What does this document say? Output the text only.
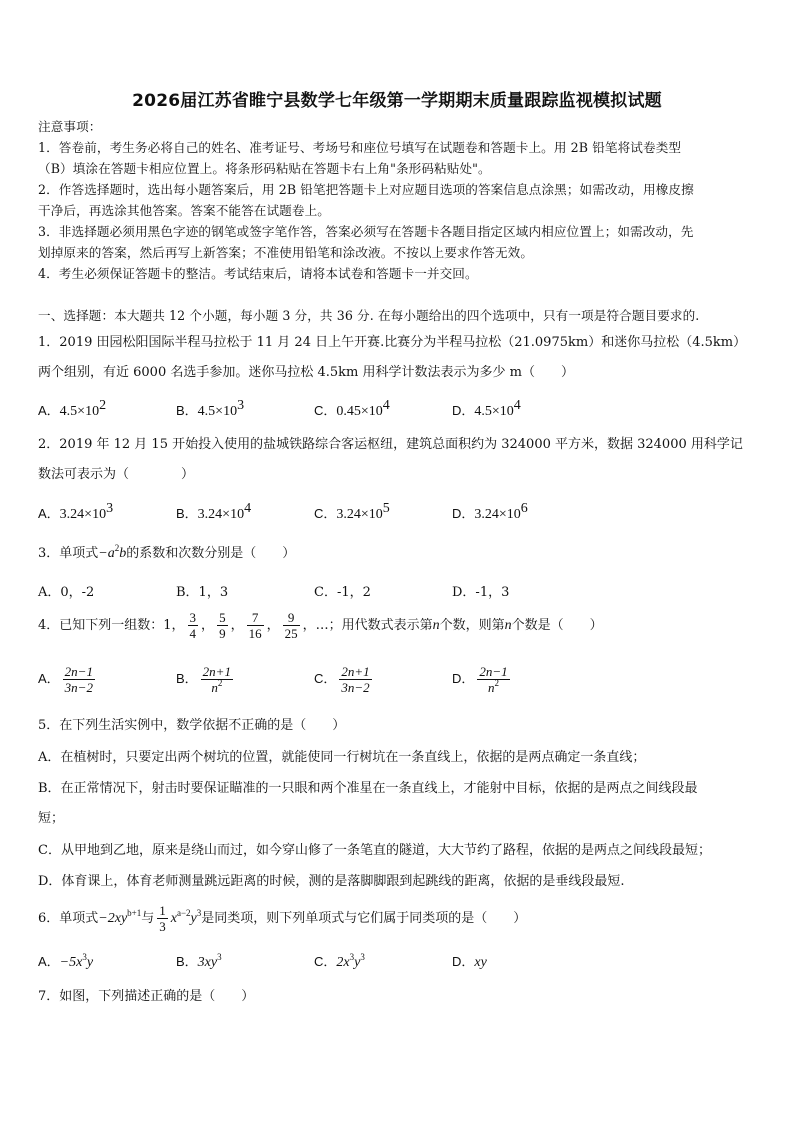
2026届江苏省睢宁县数学七年级第一学期期末质量跟踪监视模拟试题
注意事项：
1．答卷前，考生务必将自己的姓名、准考证号、考场号和座位号填写在试题卷和答题卡上。用 2B 铅笔将试卷类型
（B）填涂在答题卡相应位置上。将条形码粘贴在答题卡右上角"条形码粘贴处"。
2．作答选择题时，选出每小题答案后，用 2B 铅笔把答题卡上对应题目选项的答案信息点涂黑；如需改动，用橡皮擦
干净后，再选涂其他答案。答案不能答在试题卷上。
3．非选择题必须用黑色字迹的钢笔或签字笔作答，答案必须写在答题卡各题目指定区域内相应位置上；如需改动，先
划掉原来的答案，然后再写上新答案；不准使用铅笔和涂改液。不按以上要求作答无效。
4．考生必须保证答题卡的整洁。考试结束后，请将本试卷和答题卡一并交回。
一、选择题：本大题共 12 个小题，每小题 3 分，共 36 分. 在每小题给出的四个选项中，只有一项是符合题目要求的.
1．2019 田园松阳国际半程马拉松于 11 月 24 日上午开赛.比赛分为半程马拉松（21.0975km）和迷你马拉松（4.5km）
两个组别，有近 6000 名选手参加。迷你马拉松 4.5km 用科学计数法表示为多少 m（　　）
A．$4.5\times 10^2$	B．$4.5\times 10^3$	C．$0.45\times 10^4$	D．$4.5\times 10^4$
2．2019 年 12 月 15 开始投入使用的盐城铁路综合客运枢纽，建筑总面积约为 324000 平方米，数据 324000 用科学记
数法可表示为（　　　　）
A．$3.24\times 10^3$	B．$3.24\times 10^4$	C．$3.24\times 10^5$	D．$3.24\times 10^6$
3．单项式$-a^2b$的系数和次数分别是（　　）
A．0，-2	B．1，3	C．-1，2	D．-1，3
4．已知下列一组数：1， $\frac{3}{4}$ ， $\frac{5}{9}$ ， $\frac{7}{16}$ ， $\frac{9}{25}$ ，…；用代数式表示第n个数，则第n个数是（　　）
A． $\frac{2n-1}{3n-2}$	B． $\frac{2n+1}{n^2}$	C． $\frac{2n+1}{3n-2}$	D． $\frac{2n-1}{n^2}$
5．在下列生活实例中，数学依据不正确的是（　　）
A．在植树时，只要定出两个树坑的位置，就能使同一行树坑在一条直线上，依据的是两点确定一条直线；
B．在正常情况下，射击时要保证瞄准的一只眼和两个准星在一条直线上，才能射中目标，依据的是两点之间线段最
短；
C．从甲地到乙地，原来是绕山而过，如今穿山修了一条笔直的隧道，大大节约了路程，依据的是两点之间线段最短；
D．体育课上，体育老师测量跳远距离的时候，测的是落脚脚跟到起跳线的距离，依据的是垂线段最短.
6．单项式$-2xy^{b+1}$与 $\frac{1}{3} x^{a-2}y^3$是同类项，则下列单项式与它们属于同类项的是（　　）
A．$-5x^3y$	B．$3xy^3$	C．$2x^3y^3$	D．xy
7．如图，下列描述正确的是（　　）
